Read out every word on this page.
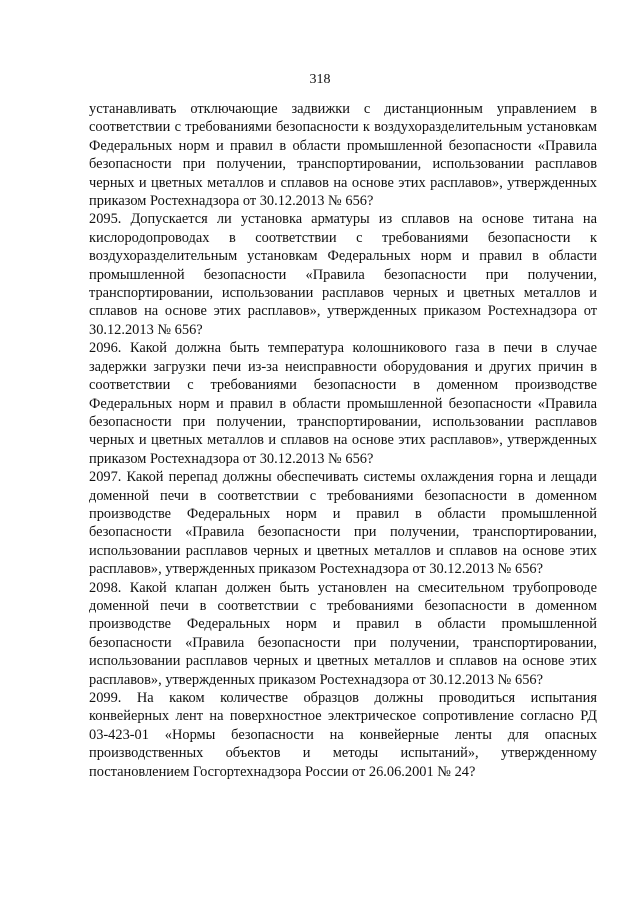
318

устанавливать отключающие задвижки с дистанционным управлением в соответствии с требованиями безопасности к воздухоразделительным установкам Федеральных норм и правил в области промышленной безопасности «Правила безопасности при получении, транспортировании, использовании расплавов черных и цветных металлов и сплавов на основе этих расплавов», утвержденных приказом Ростехнадзора от 30.12.2013 № 656?

2095. Допускается ли установка арматуры из сплавов на основе титана на кислородопроводах в соответствии с требованиями безопасности к воздухоразделительным установкам Федеральных норм и правил в области промышленной безопасности «Правила безопасности при получении, транспортировании, использовании расплавов черных и цветных металлов и сплавов на основе этих расплавов», утвержденных приказом Ростехнадзора от 30.12.2013 № 656?

2096. Какой должна быть температура колошникового газа в печи в случае задержки загрузки печи из-за неисправности оборудования и других причин в соответствии с требованиями безопасности в доменном производстве Федеральных норм и правил в области промышленной безопасности «Правила безопасности при получении, транспортировании, использовании расплавов черных и цветных металлов и сплавов на основе этих расплавов», утвержденных приказом Ростехнадзора от 30.12.2013 № 656?

2097. Какой перепад должны обеспечивать системы охлаждения горна и лещади доменной печи в соответствии с требованиями безопасности в доменном производстве Федеральных норм и правил в области промышленной безопасности «Правила безопасности при получении, транспортировании, использовании расплавов черных и цветных металлов и сплавов на основе этих расплавов», утвержденных приказом Ростехнадзора от 30.12.2013 № 656?

2098. Какой клапан должен быть установлен на смесительном трубопроводе доменной печи в соответствии с требованиями безопасности в доменном производстве Федеральных норм и правил в области промышленной безопасности «Правила безопасности при получении, транспортировании, использовании расплавов черных и цветных металлов и сплавов на основе этих расплавов», утвержденных приказом Ростехнадзора от 30.12.2013 № 656?

2099. На каком количестве образцов должны проводиться испытания конвейерных лент на поверхностное электрическое сопротивление согласно РД 03-423-01 «Нормы безопасности на конвейерные ленты для опасных производственных объектов и методы испытаний», утвержденному постановлением Госгортехнадзора России от 26.06.2001 № 24?
